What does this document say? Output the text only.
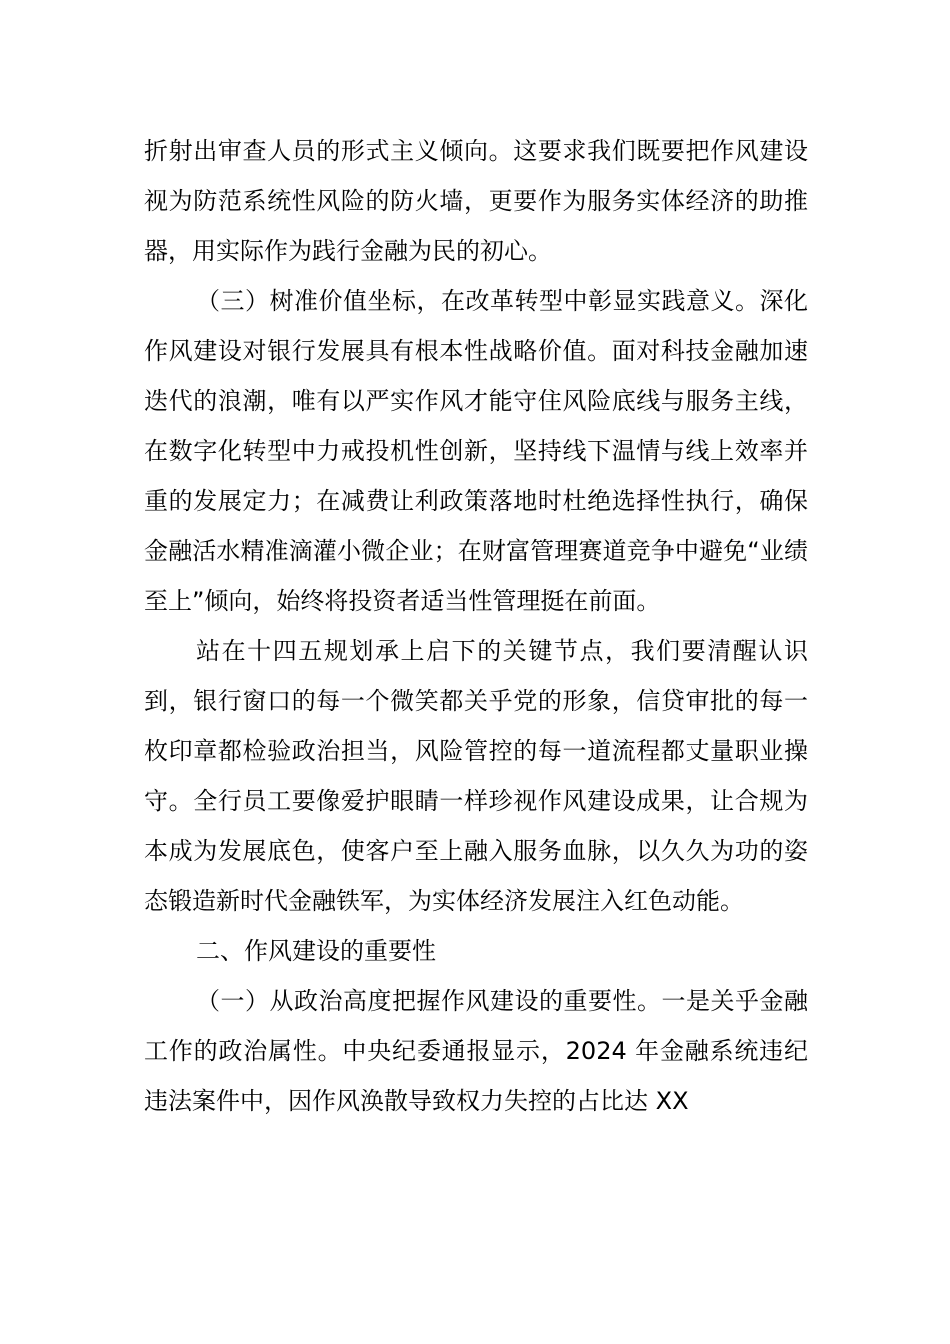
折射出审查人员的形式主义倾向。这要求我们既要把作风建设视为防范系统性风险的防火墙，更要作为服务实体经济的助推器，用实际作为践行金融为民的初心。

（三）树准价值坐标，在改革转型中彰显实践意义。深化作风建设对银行发展具有根本性战略价值。面对科技金融加速迭代的浪潮，唯有以严实作风才能守住风险底线与服务主线，在数字化转型中力戒投机性创新，坚持线下温情与线上效率并重的发展定力；在减费让利政策落地时杜绝选择性执行，确保金融活水精准滴灌小微企业；在财富管理赛道竞争中避免“业绩至上”倾向，始终将投资者适当性管理挺在前面。

站在十四五规划承上启下的关键节点，我们要清醒认识到，银行窗口的每一个微笑都关乎党的形象，信贷审批的每一枚印章都检验政治担当，风险管控的每一道流程都丈量职业操守。全行员工要像爱护眼睛一样珍视作风建设成果，让合规为本成为发展底色，使客户至上融入服务血脉，以久久为功的姿态锻造新时代金融铁军，为实体经济发展注入红色动能。

二、作风建设的重要性

（一）从政治高度把握作风建设的重要性。一是关乎金融工作的政治属性。中央纪委通报显示，2024 年金融系统违纪违法案件中，因作风涣散导致权力失控的占比达 XX
